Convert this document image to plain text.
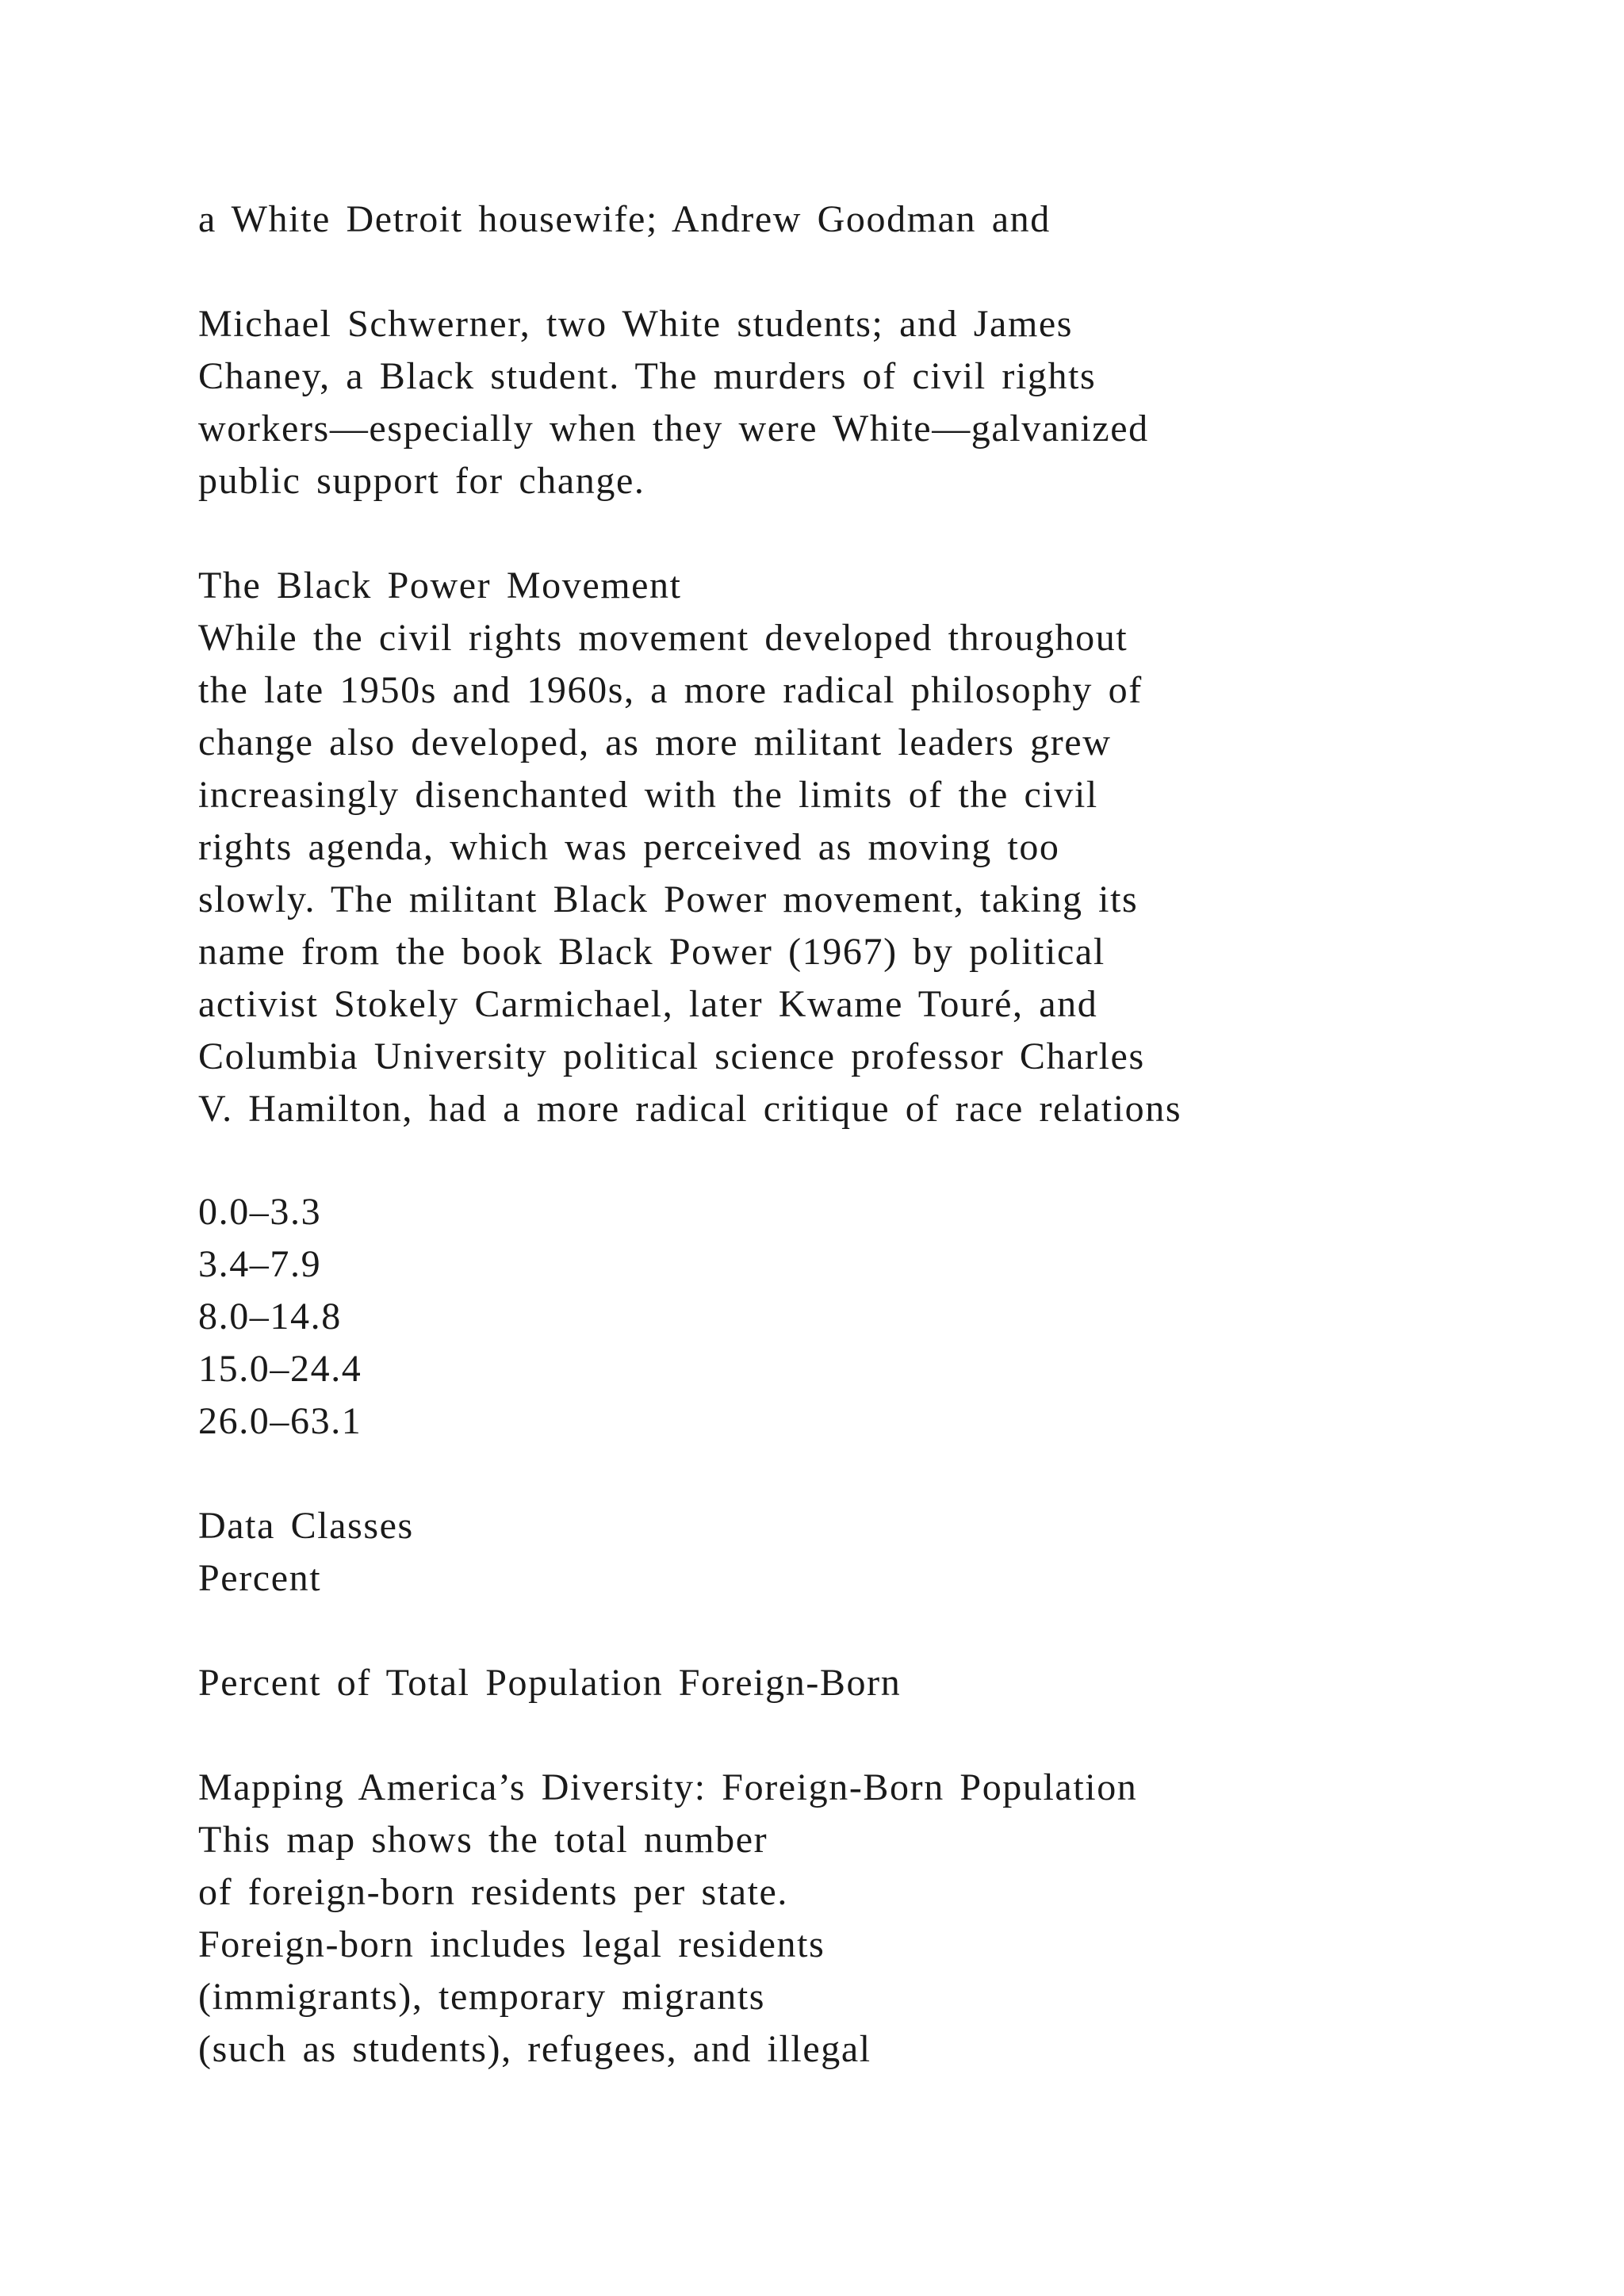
a White Detroit housewife; Andrew Goodman and
Michael Schwerner, two White students; and James
Chaney, a Black student. The murders of civil rights
workers—especially when they were White—galvanized
public support for change.
The Black Power Movement
While the civil rights movement developed throughout
the late 1950s and 1960s, a more radical philosophy of
change also developed, as more militant leaders grew
increasingly disenchanted with the limits of the civil
rights agenda, which was perceived as moving too
slowly. The militant Black Power movement, taking its
name from the book Black Power (1967) by political
activist Stokely Carmichael, later Kwame Touré, and
Columbia University political science professor Charles
V. Hamilton, had a more radical critique of race relations
0.0–3.3
3.4–7.9
8.0–14.8
15.0–24.4
26.0–63.1
Data Classes
Percent
Percent of Total Population Foreign-Born
Mapping America’s Diversity: Foreign-Born Population
This map shows the total number
of foreign-born residents per state.
Foreign-born includes legal residents
(immigrants), temporary migrants
(such as students), refugees, and illegal
